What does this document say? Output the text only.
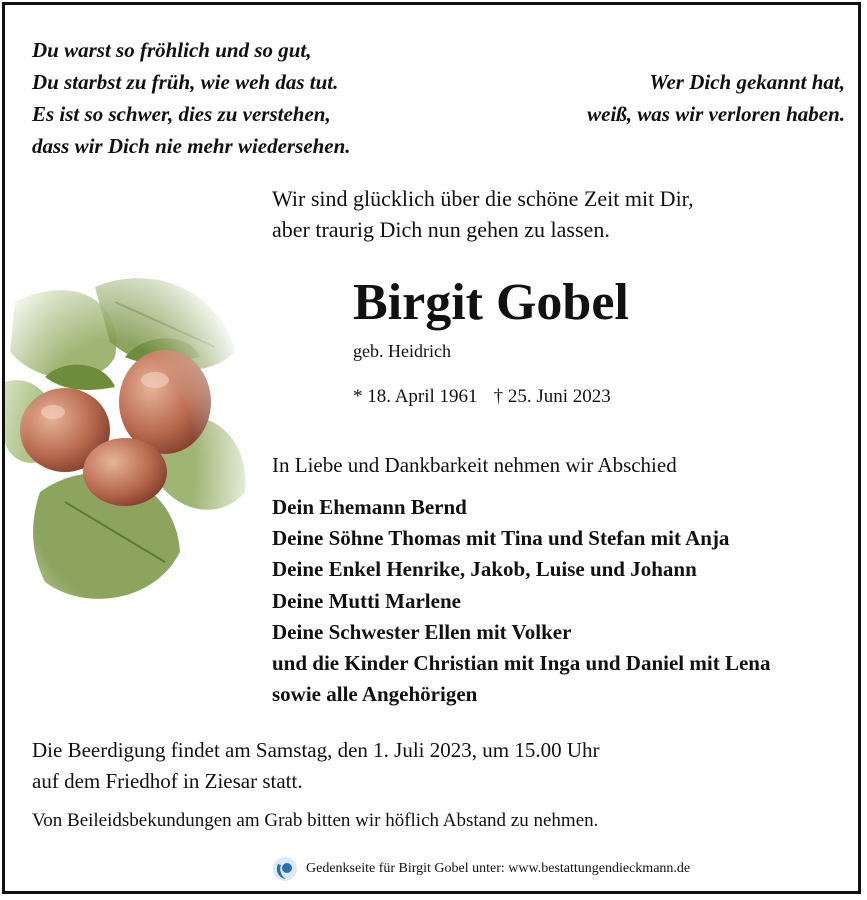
Du warst so fröhlich und so gut,
Du starbst zu früh, wie weh das tut.
Es ist so schwer, dies zu verstehen,
dass wir Dich nie mehr wiedersehen.
Wer Dich gekannt hat,
weiß, was wir verloren haben.
Wir sind glücklich über die schöne Zeit mit Dir,
aber traurig Dich nun gehen zu lassen.
Birgit Gobel
geb. Heidrich
* 18. April 1961 † 25. Juni 2023
In Liebe und Dankbarkeit nehmen wir Abschied
Dein Ehemann Bernd
Deine Söhne Thomas mit Tina und Stefan mit Anja
Deine Enkel Henrike, Jakob, Luise und Johann
Deine Mutti Marlene
Deine Schwester Ellen mit Volker
und die Kinder Christian mit Inga und Daniel mit Lena
sowie alle Angehörigen
Die Beerdigung findet am Samstag, den 1. Juli 2023, um 15.00 Uhr
auf dem Friedhof in Ziesar statt.
Von Beileidsbekundungen am Grab bitten wir höflich Abstand zu nehmen.
Gedenkseite für Birgit Gobel unter: www.bestattungendieckmann.de
